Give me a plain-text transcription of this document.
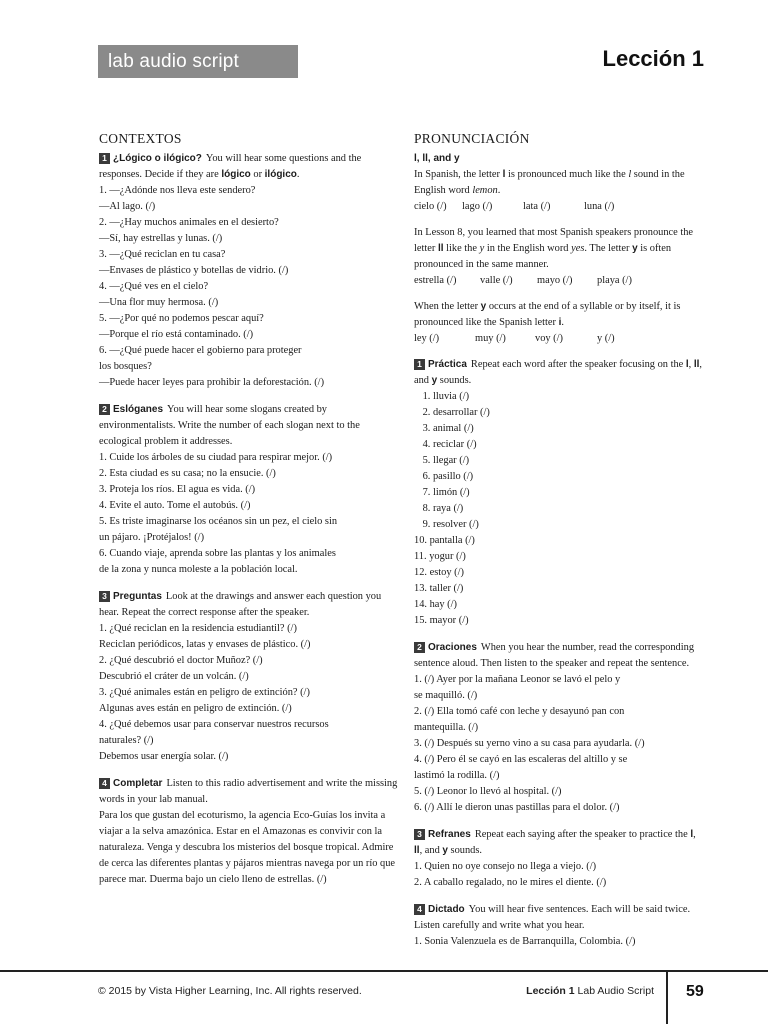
lab audio script	Lección 1
CONTEXTOS

1 ¿Lógico o ilógico? You will hear some questions and the responses. Decide if they are lógico or ilógico.

1. —¿Adónde nos lleva este sendero?

—Al lago. (/)

2. —¿Hay muchos animales en el desierto?

—Sí, hay estrellas y lunas. (/)

3. —¿Qué reciclan en tu casa?

—Envases de plástico y botellas de vidrio. (/)

4. —¿Qué ves en el cielo?

—Una flor muy hermosa. (/)

5. —¿Por qué no podemos pescar aquí?

—Porque el río está contaminado. (/)

6. —¿Qué puede hacer el gobierno para proteger

los bosques?

—Puede hacer leyes para prohibir la deforestación. (/)

2 Eslóganes You will hear some slogans created by environmentalists. Write the number of each slogan next to the ecological problem it addresses.

1. Cuide los árboles de su ciudad para respirar mejor. (/)

2. Esta ciudad es su casa; no la ensucie. (/)

3. Proteja los ríos. El agua es vida. (/)

4. Evite el auto. Tome el autobús. (/)

5. Es triste imaginarse los océanos sin un pez, el cielo sin

un pájaro. ¡Protéjalos! (/)

6. Cuando viaje, aprenda sobre las plantas y los animales

de la zona y nunca moleste a la población local.

3 Preguntas Look at the drawings and answer each question you hear. Repeat the correct response after the speaker.

1. ¿Qué reciclan en la residencia estudiantil? (/)

Reciclan periódicos, latas y envases de plástico. (/)

2. ¿Qué descubrió el doctor Muñoz? (/)

Descubrió el cráter de un volcán. (/)

3. ¿Qué animales están en peligro de extinción? (/)

Algunas aves están en peligro de extinción. (/)

4. ¿Qué debemos usar para conservar nuestros recursos

naturales? (/)

Debemos usar energía solar. (/)

4 Completar Listen to this radio advertisement and write the missing words in your lab manual.

Para los que gustan del ecoturismo, la agencia Eco-Guías los invita a viajar a la selva amazónica. Estar en el Amazonas es convivir con la naturaleza. Venga y descubra los misterios del bosque tropical. Admire de cerca las diferentes plantas y pájaros mientras navega por un río que parece mar. Duerma bajo un cielo lleno de estrellas. (/)

PRONUNCIACIÓN

l, ll, and y

In Spanish, the letter l is pronounced much like the l sound in the English word lemon.

cielo (/)	lago (/)	lata (/)	luna (/)

In Lesson 8, you learned that most Spanish speakers pronounce the letter ll like the y in the English word yes. The letter y is often pronounced in the same manner.

estrella (/)	valle (/)	mayo (/)	playa (/)

When the letter y occurs at the end of a syllable or by itself, it is pronounced like the Spanish letter i.

ley (/)	muy (/)	voy (/)	y (/)

1 Práctica Repeat each word after the speaker focusing on the l, ll, and y sounds.

1. lluvia (/)

2. desarrollar (/)

3. animal (/)

4. reciclar (/)

5. llegar (/)

6. pasillo (/)

7. limón (/)

8. raya (/)

9. resolver (/)

10. pantalla (/)

11. yogur (/)

12. estoy (/)

13. taller (/)

14. hay (/)

15. mayor (/)

2 Oraciones When you hear the number, read the corresponding sentence aloud. Then listen to the speaker and repeat the sentence.

1. (/) Ayer por la mañana Leonor se lavó el pelo y

se maquilló. (/)

2. (/) Ella tomó café con leche y desayunó pan con

mantequilla. (/)

3. (/) Después su yerno vino a su casa para ayudarla. (/)

4. (/) Pero él se cayó en las escaleras del altillo y se

lastimó la rodilla. (/)

5. (/) Leonor lo llevó al hospital. (/)

6. (/) Allí le dieron unas pastillas para el dolor. (/)

3 Refranes Repeat each saying after the speaker to practice the l, ll, and y sounds.

1. Quien no oye consejo no llega a viejo. (/)

2. A caballo regalado, no le mires el diente. (/)

4 Dictado You will hear five sentences. Each will be said twice. Listen carefully and write what you hear.

1. Sonia Valenzuela es de Barranquilla, Colombia. (/)

© 2015 by Vista Higher Learning, Inc. All rights reserved.	Lección 1 Lab Audio Script 59
